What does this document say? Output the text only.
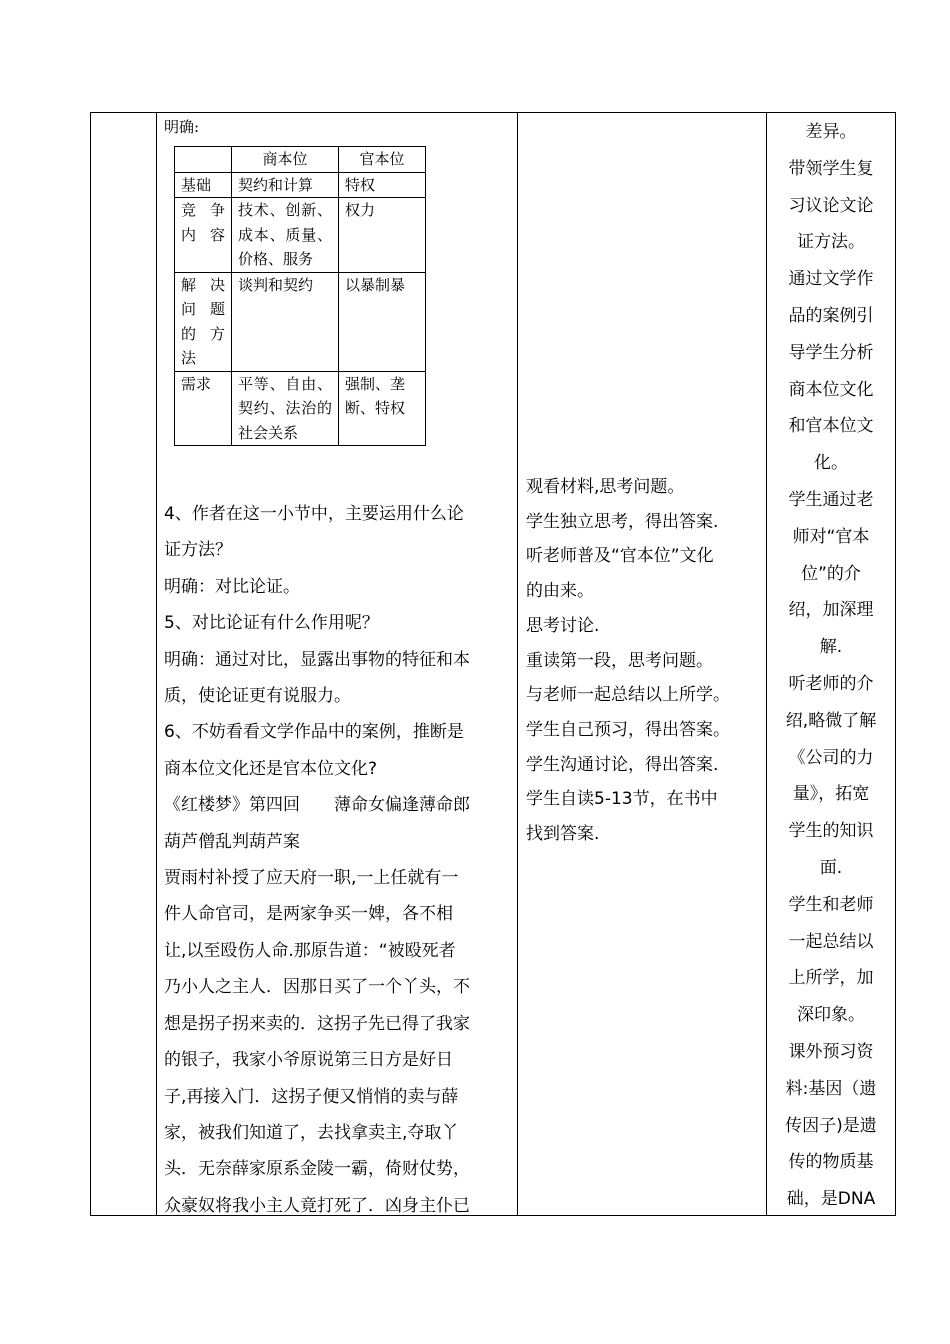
明确:
	商本位	官本位
基础	契约和计算	特权

竞争内容	技术、创新、成本、质量、价格、服务	权力

解决问题的方法	谈判和契约	以暴制暴
需求	平等、自由、契约、法治的社会关系	强制、垄断、特权
4、作者在这一小节中，主要运用什么论
证方法？
明确：对比论证。
5、对比论证有什么作用呢？
明确：通过对比，显露出事物的特征和本
质，使论证更有说服力。
6、不妨看看文学作品中的案例，推断是
商本位文化还是官本位文化?
《红楼梦》第四回　　薄命女偏逢薄命郎
葫芦僧乱判葫芦案
贾雨村补授了应天府一职,一上任就有一
件人命官司，是两家争买一婢，各不相
让,以至殴伤人命.那原告道：“被殴死者
乃小人之主人．因那日买了一个丫头，不
想是拐子拐来卖的．这拐子先已得了我家
的银子，我家小爷原说第三日方是好日
子,再接入门．这拐子便又悄悄的卖与薛
家，被我们知道了，去找拿卖主,夺取丫
头．无奈薛家原系金陵一霸，倚财仗势，
众豪奴将我小主人竟打死了．凶身主仆已
观看材料,思考问题。
学生独立思考，得出答案.
听老师普及“官本位”文化
的由来。
思考讨论.
重读第一段，思考问题。
与老师一起总结以上所学。
学生自己预习，得出答案。
学生沟通讨论，得出答案.
学生自读5-13节，在书中
找到答案.
差异。
带领学生复
习议论文论
证方法。
通过文学作
品的案例引
导学生分析
商本位文化
和官本位文
化。
学生通过老
师对“官本
位”的介
绍，加深理
解.
听老师的介
绍,略微了解
《公司的力
量》，拓宽
学生的知识
面.
学生和老师
一起总结以
上所学，加
深印象。
课外预习资
料:基因（遗
传因子)是遗
传的物质基
础，是DNA
